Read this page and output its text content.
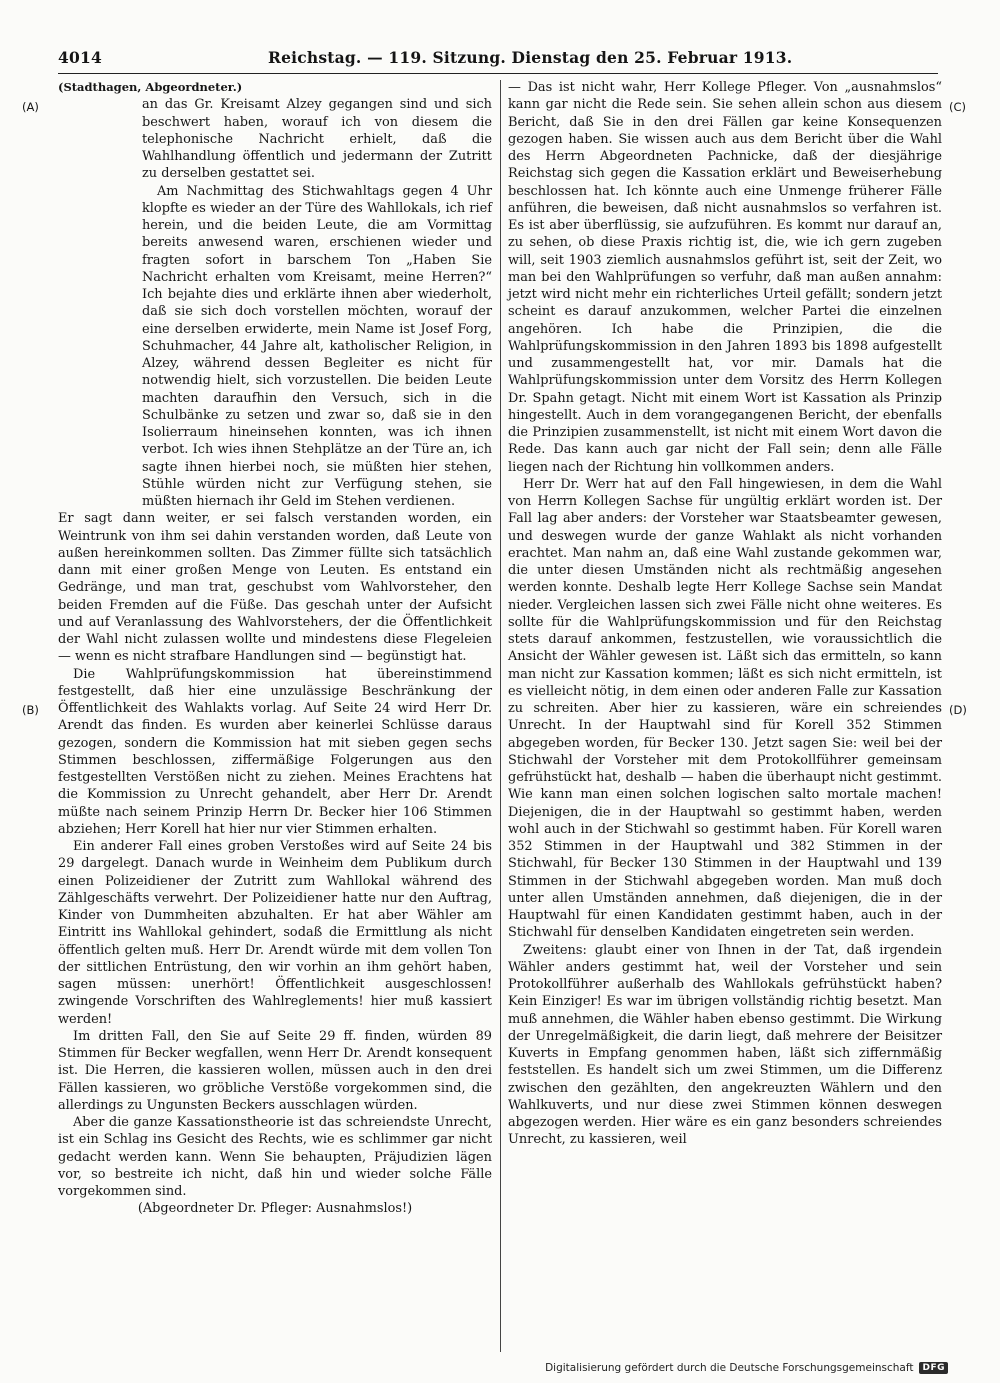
4014	Reichstag. — 119. Sitzung. Dienstag den 25. Februar 1913.
(A)
(B)
(C)
(D)

(Stadthagen, Abgeordneter.)

an das Gr. Kreisamt Alzey gegangen sind und sich beschwert haben, worauf ich von diesem die telephonische Nachricht erhielt, daß die Wahlhandlung öffentlich und jedermann der Zutritt zu derselben gestattet sei.

Am Nachmittag des Stichwahltags gegen 4 Uhr klopfte es wieder an der Türe des Wahllokals, ich rief herein, und die beiden Leute, die am Vormittag bereits anwesend waren, erschienen wieder und fragten sofort in barschem Ton „Haben Sie Nachricht erhalten vom Kreisamt, meine Herren?“ Ich bejahte dies und erklärte ihnen aber wiederholt, daß sie sich doch vorstellen möchten, worauf der eine derselben erwiderte, mein Name ist Josef Forg, Schuhmacher, 44 Jahre alt, katholischer Religion, in Alzey, während dessen Begleiter es nicht für notwendig hielt, sich vorzustellen. Die beiden Leute machten daraufhin den Versuch, sich in die Schulbänke zu setzen und zwar so, daß sie in den Isolierraum hineinsehen konnten, was ich ihnen verbot. Ich wies ihnen Stehplätze an der Türe an, ich sagte ihnen hierbei noch, sie müßten hier stehen, Stühle würden nicht zur Verfügung stehen, sie müßten hiernach ihr Geld im Stehen verdienen.

Er sagt dann weiter, er sei falsch verstanden worden, ein Weintrunk von ihm sei dahin verstanden worden, daß Leute von außen hereinkommen sollten. Das Zimmer füllte sich tatsächlich dann mit einer großen Menge von Leuten. Es entstand ein Gedränge, und man trat, geschubst vom Wahlvorsteher, den beiden Fremden auf die Füße. Das geschah unter der Aufsicht und auf Veranlassung des Wahlvorstehers, der die Öffentlichkeit der Wahl nicht zulassen wollte und mindestens diese Flegeleien — wenn es nicht strafbare Handlungen sind — begünstigt hat.

Die Wahlprüfungskommission hat übereinstimmend festgestellt, daß hier eine unzulässige Beschränkung der Öffentlichkeit des Wahlakts vorlag. Auf Seite 24 wird Herr Dr. Arendt das finden. Es wurden aber keinerlei Schlüsse daraus gezogen, sondern die Kommission hat mit sieben gegen sechs Stimmen beschlossen, ziffermäßige Folgerungen aus den festgestellten Verstößen nicht zu ziehen. Meines Erachtens hat die Kommission zu Unrecht gehandelt, aber Herr Dr. Arendt müßte nach seinem Prinzip Herrn Dr. Becker hier 106 Stimmen abziehen; Herr Korell hat hier nur vier Stimmen erhalten.

Ein anderer Fall eines groben Verstoßes wird auf Seite 24 bis 29 dargelegt. Danach wurde in Weinheim dem Publikum durch einen Polizeidiener der Zutritt zum Wahllokal während des Zählgeschäfts verwehrt. Der Polizeidiener hatte nur den Auftrag, Kinder von Dummheiten abzuhalten. Er hat aber Wähler am Eintritt ins Wahllokal gehindert, sodaß die Ermittlung als nicht öffentlich gelten muß. Herr Dr. Arendt würde mit dem vollen Ton der sittlichen Entrüstung, den wir vorhin an ihm gehört haben, sagen müssen: unerhört! Öffentlichkeit ausgeschlossen! zwingende Vorschriften des Wahlreglements! hier muß kassiert werden!

Im dritten Fall, den Sie auf Seite 29 ff. finden, würden 89 Stimmen für Becker wegfallen, wenn Herr Dr. Arendt konsequent ist. Die Herren, die kassieren wollen, müssen auch in den drei Fällen kassieren, wo gröbliche Verstöße vorgekommen sind, die allerdings zu Ungunsten Beckers ausschlagen würden.

Aber die ganze Kassationstheorie ist das schreiendste Unrecht, ist ein Schlag ins Gesicht des Rechts, wie es schlimmer gar nicht gedacht werden kann. Wenn Sie behaupten, Präjudizien lägen vor, so bestreite ich nicht, daß hin und wieder solche Fälle vorgekommen sind.

(Abgeordneter Dr. Pfleger: Ausnahmslos!)

— Das ist nicht wahr, Herr Kollege Pfleger. Von „ausnahmslos“ kann gar nicht die Rede sein. Sie sehen allein schon aus diesem Bericht, daß Sie in den drei Fällen gar keine Konsequenzen gezogen haben. Sie wissen auch aus dem Bericht über die Wahl des Herrn Abgeordneten Pachnicke, daß der diesjährige Reichstag sich gegen die Kassation erklärt und Beweiserhebung beschlossen hat. Ich könnte auch eine Unmenge früherer Fälle anführen, die beweisen, daß nicht ausnahmslos so verfahren ist. Es ist aber überflüssig, sie aufzuführen. Es kommt nur darauf an, zu sehen, ob diese Praxis richtig ist, die, wie ich gern zugeben will, seit 1903 ziemlich ausnahmslos geführt ist, seit der Zeit, wo man bei den Wahlprüfungen so verfuhr, daß man außen annahm: jetzt wird nicht mehr ein richterliches Urteil gefällt; sondern jetzt scheint es darauf anzukommen, welcher Partei die einzelnen angehören. Ich habe die Prinzipien, die die Wahlprüfungskommission in den Jahren 1893 bis 1898 aufgestellt und zusammengestellt hat, vor mir. Damals hat die Wahlprüfungskommission unter dem Vorsitz des Herrn Kollegen Dr. Spahn getagt. Nicht mit einem Wort ist Kassation als Prinzip hingestellt. Auch in dem vorangegangenen Bericht, der ebenfalls die Prinzipien zusammenstellt, ist nicht mit einem Wort davon die Rede. Das kann auch gar nicht der Fall sein; denn alle Fälle liegen nach der Richtung hin vollkommen anders.

Herr Dr. Werr hat auf den Fall hingewiesen, in dem die Wahl von Herrn Kollegen Sachse für ungültig erklärt worden ist. Der Fall lag aber anders: der Vorsteher war Staatsbeamter gewesen, und deswegen wurde der ganze Wahlakt als nicht vorhanden erachtet. Man nahm an, daß eine Wahl zustande gekommen war, die unter diesen Umständen nicht als rechtmäßig angesehen werden konnte. Deshalb legte Herr Kollege Sachse sein Mandat nieder. Vergleichen lassen sich zwei Fälle nicht ohne weiteres. Es sollte für die Wahlprüfungskommission und für den Reichstag stets darauf ankommen, festzustellen, wie voraussichtlich die Ansicht der Wähler gewesen ist. Läßt sich das ermitteln, so kann man nicht zur Kassation kommen; läßt es sich nicht ermitteln, ist es vielleicht nötig, in dem einen oder anderen Falle zur Kassation zu schreiten. Aber hier zu kassieren, wäre ein schreiendes Unrecht. In der Hauptwahl sind für Korell 352 Stimmen abgegeben worden, für Becker 130. Jetzt sagen Sie: weil bei der Stichwahl der Vorsteher mit dem Protokollführer gemeinsam gefrühstückt hat, deshalb — haben die überhaupt nicht gestimmt. Wie kann man einen solchen logischen salto mortale machen! Diejenigen, die in der Hauptwahl so gestimmt haben, werden wohl auch in der Stichwahl so gestimmt haben. Für Korell waren 352 Stimmen in der Hauptwahl und 382 Stimmen in der Stichwahl, für Becker 130 Stimmen in der Hauptwahl und 139 Stimmen in der Stichwahl abgegeben worden. Man muß doch unter allen Umständen annehmen, daß diejenigen, die in der Hauptwahl für einen Kandidaten gestimmt haben, auch in der Stichwahl für denselben Kandidaten eingetreten sein werden.

Zweitens: glaubt einer von Ihnen in der Tat, daß irgendein Wähler anders gestimmt hat, weil der Vorsteher und sein Protokollführer außerhalb des Wahllokals gefrühstückt haben? Kein Einziger! Es war im übrigen vollständig richtig besetzt. Man muß annehmen, die Wähler haben ebenso gestimmt. Die Wirkung der Unregelmäßigkeit, die darin liegt, daß mehrere der Beisitzer Kuverts in Empfang genommen haben, läßt sich ziffernmäßig feststellen. Es handelt sich um zwei Stimmen, um die Differenz zwischen den gezählten, den angekreuzten Wählern und den Wahlkuverts, und nur diese zwei Stimmen können deswegen abgezogen werden. Hier wäre es ein ganz besonders schreiendes Unrecht, zu kassieren, weil

Digitalisierung gefördert durch die Deutsche Forschungsgemeinschaft	DFG
